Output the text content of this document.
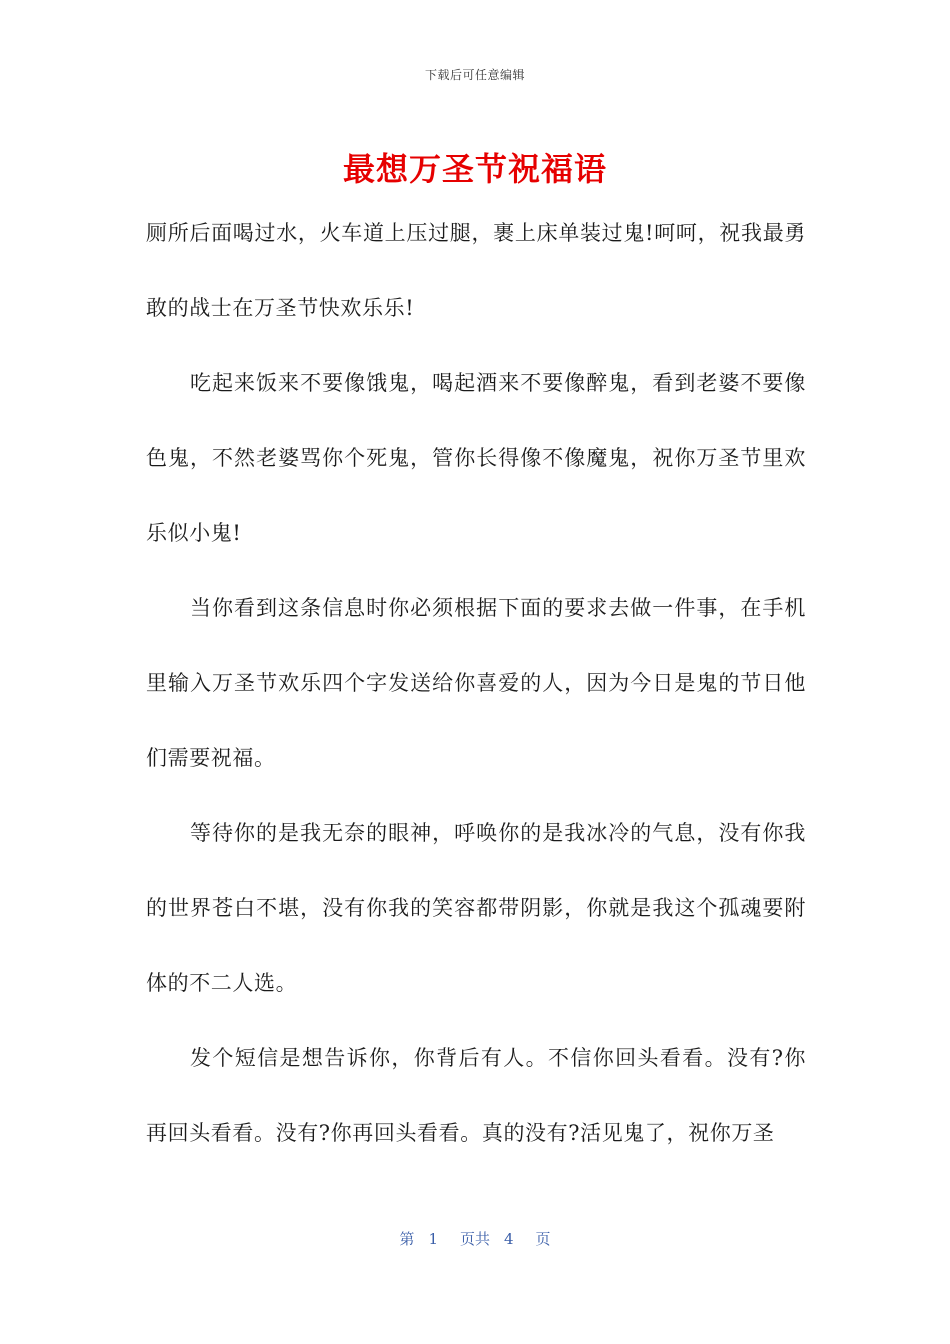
下载后可任意编辑
最想万圣节祝福语

厕所后面喝过水，火车道上压过腿，裹上床单装过鬼!呵呵，祝我最勇敢的战士在万圣节快欢乐乐!

吃起来饭来不要像饿鬼，喝起酒来不要像醉鬼，看到老婆不要像色鬼，不然老婆骂你个死鬼，管你长得像不像魔鬼，祝你万圣节里欢乐似小鬼!

当你看到这条信息时你必须根据下面的要求去做一件事，在手机里输入万圣节欢乐四个字发送给你喜爱的人，因为今日是鬼的节日他们需要祝福。

等待你的是我无奈的眼神，呼唤你的是我冰冷的气息，没有你我的世界苍白不堪，没有你我的笑容都带阴影，你就是我这个孤魂要附体的不二人选。

发个短信是想告诉你，你背后有人。不信你回头看看。没有?你再回头看看。没有?你再回头看看。真的没有?活见鬼了，祝你万圣

第 1 页共 4 页
